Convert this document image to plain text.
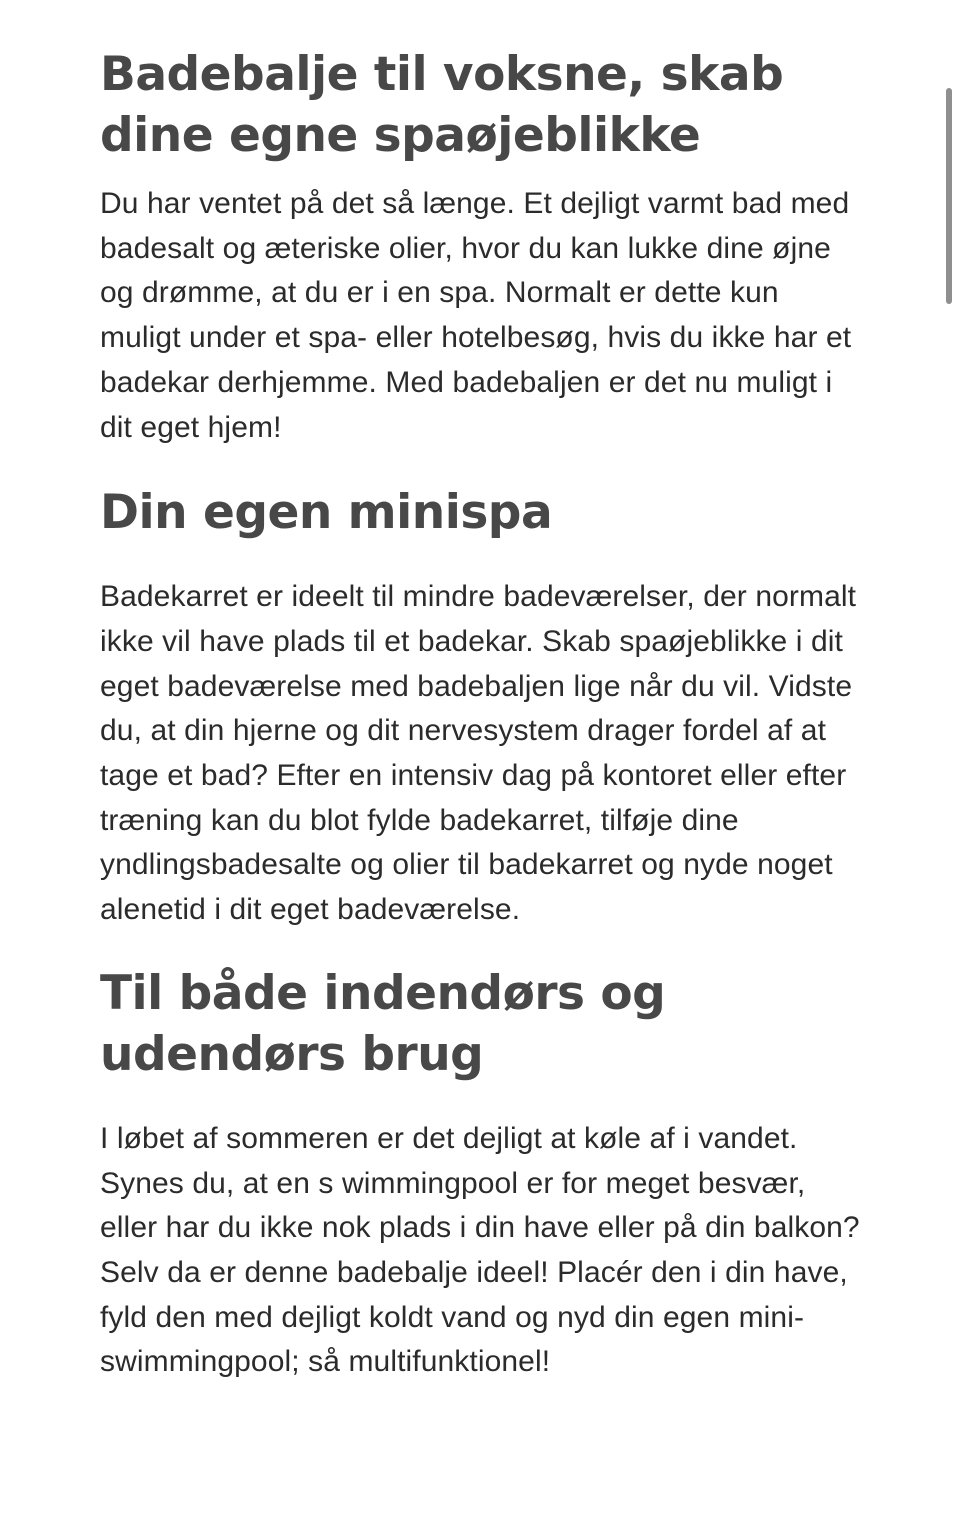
Badebalje til voksne, skab dine egne spaøjeblikke

Du har ventet på det så længe. Et dejligt varmt bad med badesalt og æteriske olier, hvor du kan lukke dine øjne og drømme, at du er i en spa. Normalt er dette kun muligt under et spa- eller hotelbesøg, hvis du ikke har et badekar derhjemme. Med badebaljen er det nu muligt i dit eget hjem!

Din egen minispa

Badekarret er ideelt til mindre badeværelser, der normalt ikke vil have plads til et badekar. Skab spaøjeblikke i dit eget badeværelse med badebaljen lige når du vil. Vidste du, at din hjerne og dit nervesystem drager fordel af at tage et bad? Efter en intensiv dag på kontoret eller efter træning kan du blot fylde badekarret, tilføje dine yndlingsbadesalte og olier til badekarret og nyde noget alenetid i dit eget badeværelse.

Til både indendørs og udendørs brug

I løbet af sommeren er det dejligt at køle af i vandet. Synes du, at en s wimmingpool er for meget besvær, eller har du ikke nok plads i din have eller på din balkon? Selv da er denne badebalje ideel! Placér den i din have, fyld den med dejligt koldt vand og nyd din egen mini-swimmingpool; så multifunktionel!
